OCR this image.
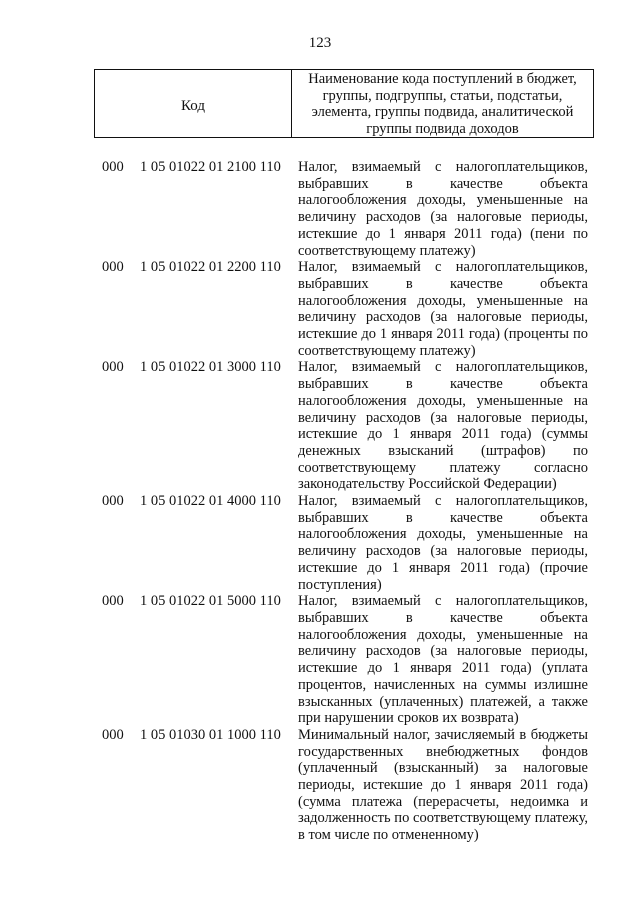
123
Код
Наименование кода поступлений в бюджет, группы, подгруппы, статьи, подстатьи, элемента, группы подвида, аналитической группы подвида доходов
000 1 05 01022 01 2100 110 Налог, взимаемый с налогоплательщиков, выбравших в качестве объекта налогообложения доходы, уменьшенные на величину расходов (за налоговые периоды, истекшие до 1 января 2011 года) (пени по соответствующему платежу)
000 1 05 01022 01 2200 110 Налог, взимаемый с налогоплательщиков, выбравших в качестве объекта налогообложения доходы, уменьшенные на величину расходов (за налоговые периоды, истекшие до 1 января 2011 года) (проценты по соответствующему платежу)
000 1 05 01022 01 3000 110 Налог, взимаемый с налогоплательщиков, выбравших в качестве объекта налогообложения доходы, уменьшенные на величину расходов (за налоговые периоды, истекшие до 1 января 2011 года) (суммы денежных взысканий (штрафов) по соответствующему платежу согласно законодательству Российской Федерации)
000 1 05 01022 01 4000 110 Налог, взимаемый с налогоплательщиков, выбравших в качестве объекта налогообложения доходы, уменьшенные на величину расходов (за налоговые периоды, истекшие до 1 января 2011 года) (прочие поступления)
000 1 05 01022 01 5000 110 Налог, взимаемый с налогоплательщиков, выбравших в качестве объекта налогообложения доходы, уменьшенные на величину расходов (за налоговые периоды, истекшие до 1 января 2011 года) (уплата процентов, начисленных на суммы излишне взысканных (уплаченных) платежей, а также при нарушении сроков их возврата)
000 1 05 01030 01 1000 110 Минимальный налог, зачисляемый в бюджеты государственных внебюджетных фондов (уплаченный (взысканный) за налоговые периоды, истекшие до 1 января 2011 года) (сумма платежа (перерасчеты, недоимка и задолженность по соответствующему платежу, в том числе по отмененному)
